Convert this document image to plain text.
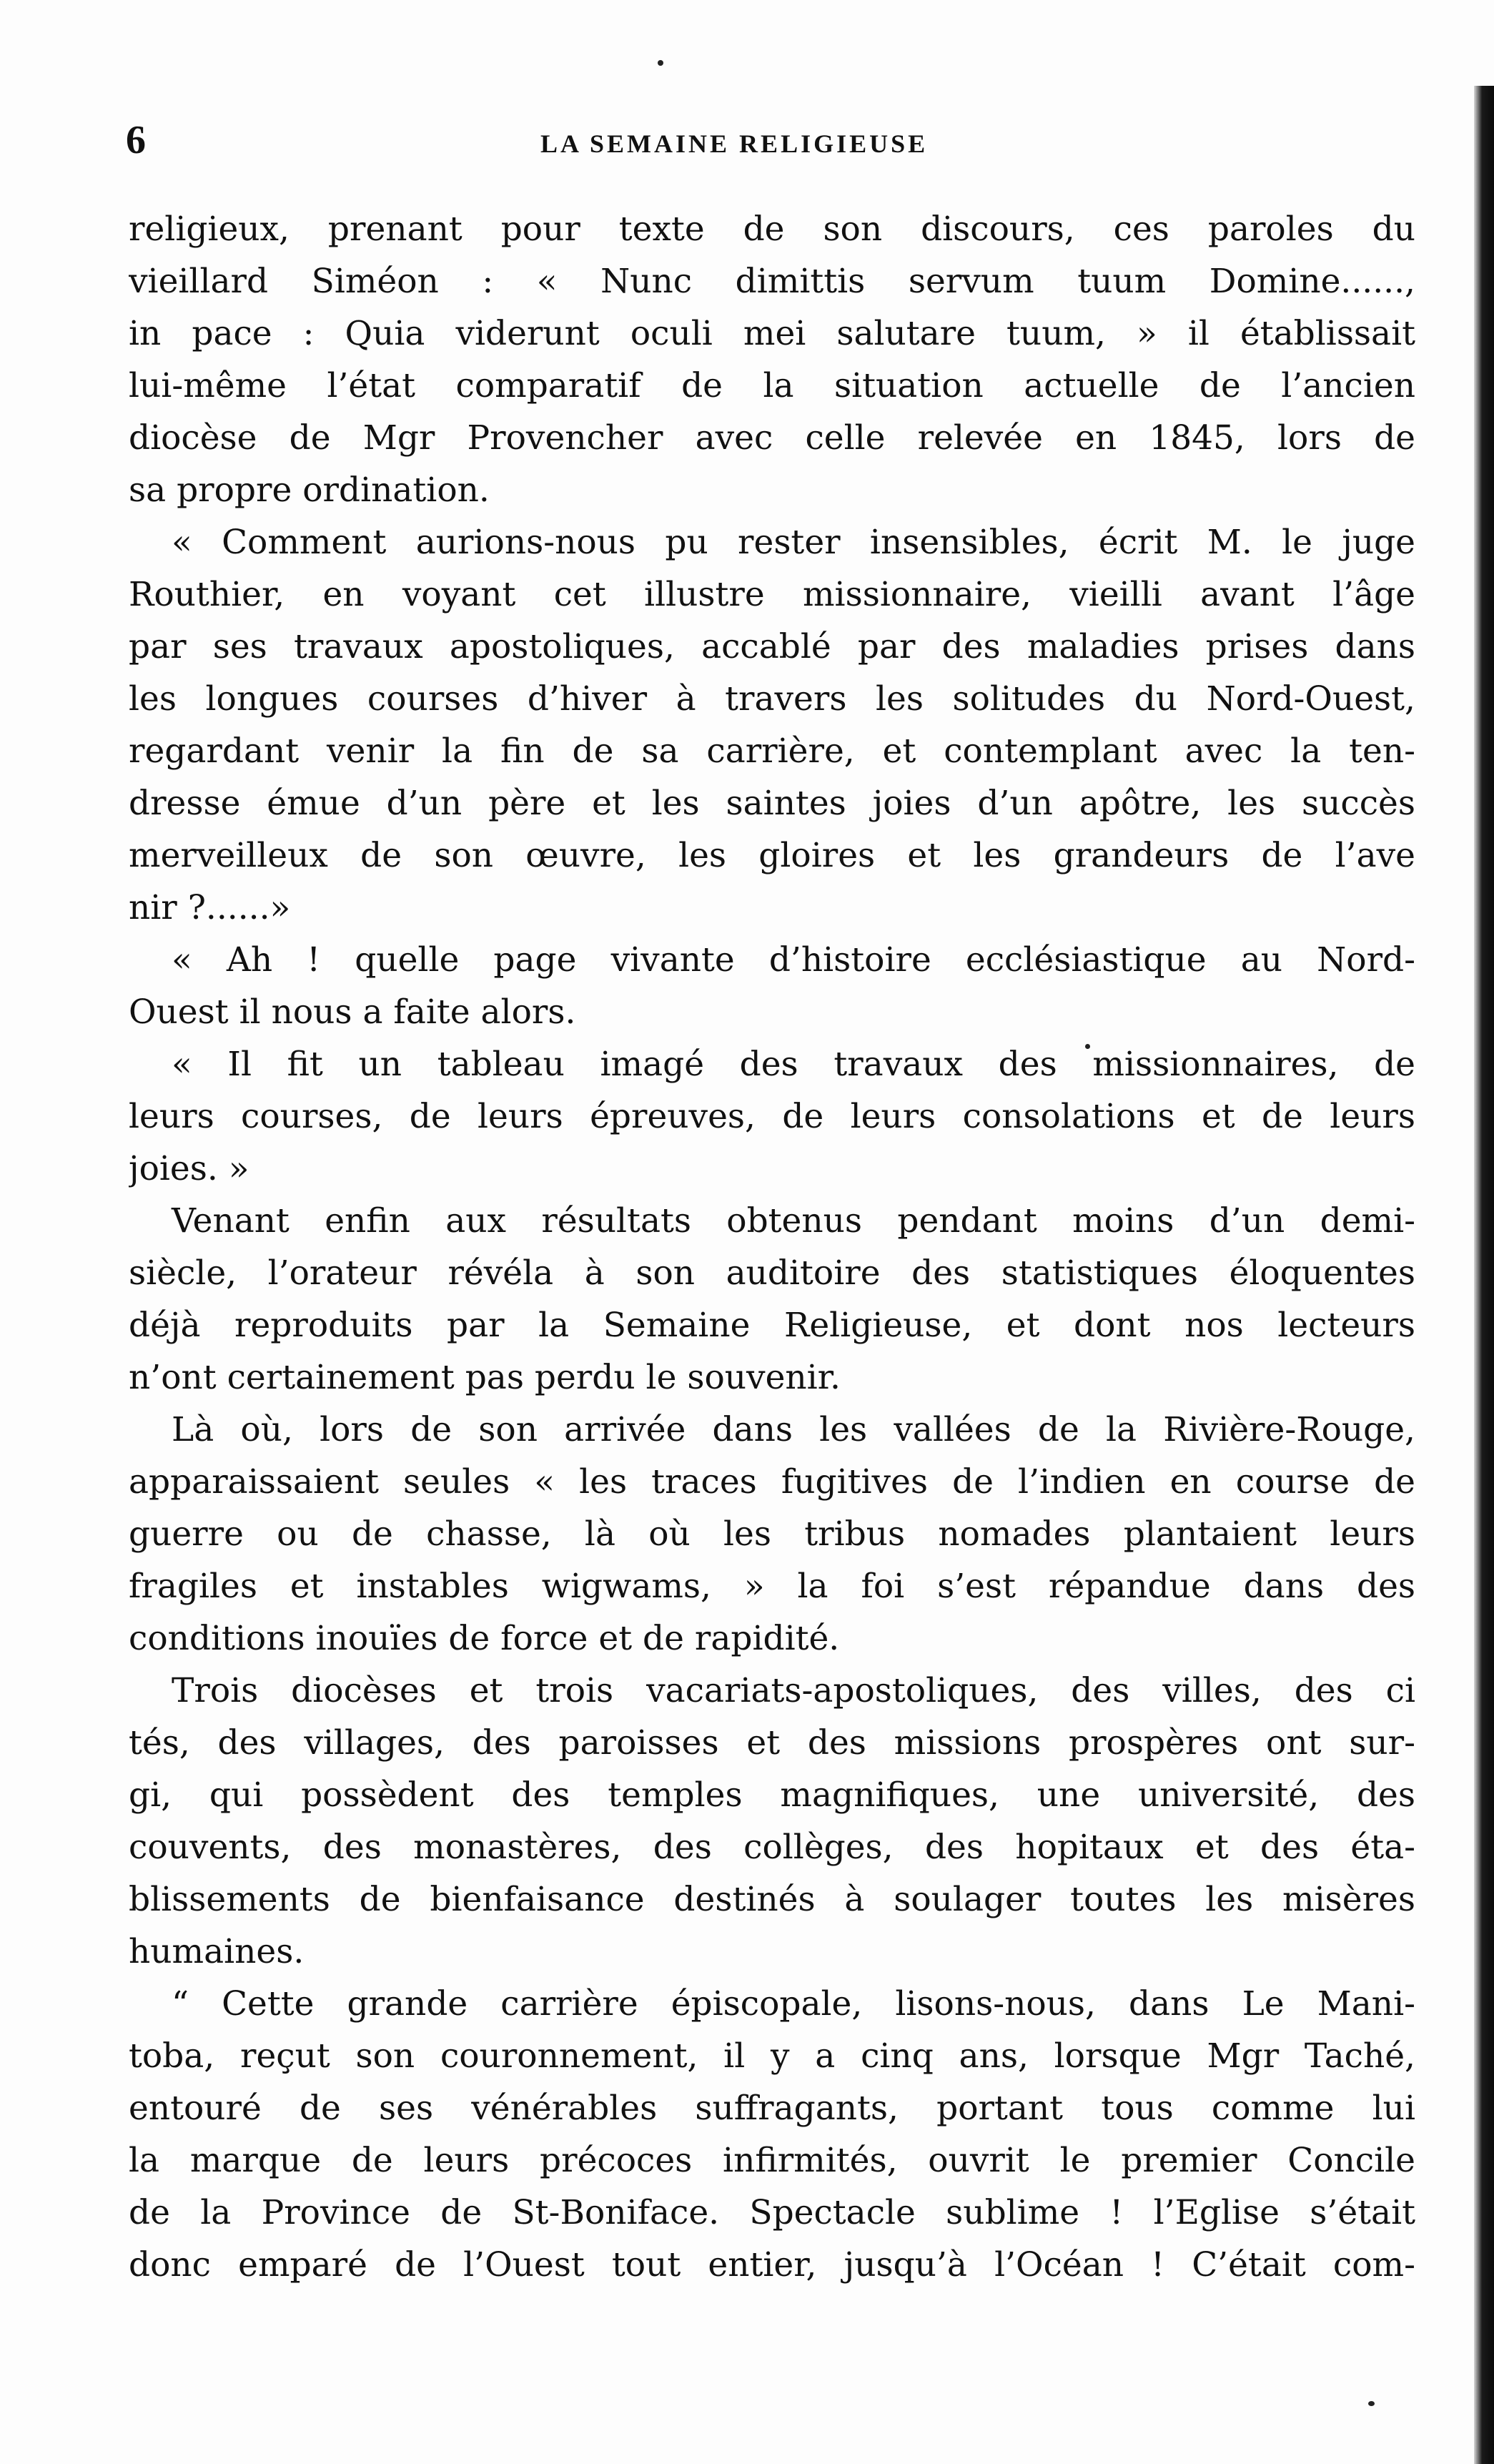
6	LA SEMAINE RELIGIEUSE
religieux, prenant pour texte de son discours, ces paroles du
vieillard Siméon : « Nunc dimittis servum tuum Domine......,
in pace : Quia viderunt oculi mei salutare tuum, » il établissait
lui-même l’état comparatif de la situation actuelle de l’ancien
diocèse de Mgr Provencher avec celle relevée en 1845, lors de
sa propre ordination.
« Comment aurions-nous pu rester insensibles, écrit M. le juge
Routhier, en voyant cet illustre missionnaire, vieilli avant l’âge
par ses travaux apostoliques, accablé par des maladies prises dans
les longues courses d’hiver à travers les solitudes du Nord-Ouest,
regardant venir la fin de sa carrière, et contemplant avec la ten-
dresse émue d’un père et les saintes joies d’un apôtre, les succès
merveilleux de son œuvre, les gloires et les grandeurs de l’ave
nir ?......»
« Ah ! quelle page vivante d’histoire ecclésiastique au Nord-
Ouest il nous a faite alors.
« Il fit un tableau imagé des travaux des missionnaires, de
leurs courses, de leurs épreuves, de leurs consolations et de leurs
joies. »
Venant enfin aux résultats obtenus pendant moins d’un demi-
siècle, l’orateur révéla à son auditoire des statistiques éloquentes
déjà reproduits par la Semaine Religieuse, et dont nos lecteurs
n’ont certainement pas perdu le souvenir.
Là où, lors de son arrivée dans les vallées de la Rivière-Rouge,
apparaissaient seules « les traces fugitives de l’indien en course de
guerre ou de chasse, là où les tribus nomades plantaient leurs
fragiles et instables wigwams, » la foi s’est répandue dans des
conditions inouïes de force et de rapidité.
Trois diocèses et trois vacariats-apostoliques, des villes, des ci
tés, des villages, des paroisses et des missions prospères ont sur-
gi, qui possèdent des temples magnifiques, une université, des
couvents, des monastères, des collèges, des hopitaux et des éta-
blissements de bienfaisance destinés à soulager toutes les misères
humaines.
“ Cette grande carrière épiscopale, lisons-nous, dans Le Mani-
toba, reçut son couronnement, il y a cinq ans, lorsque Mgr Taché,
entouré de ses vénérables suffragants, portant tous comme lui
la marque de leurs précoces infirmités, ouvrit le premier Concile
de la Province de St-Boniface. Spectacle sublime ! l’Eglise s’était
donc emparé de l’Ouest tout entier, jusqu’à l’Océan ! C’était com-
